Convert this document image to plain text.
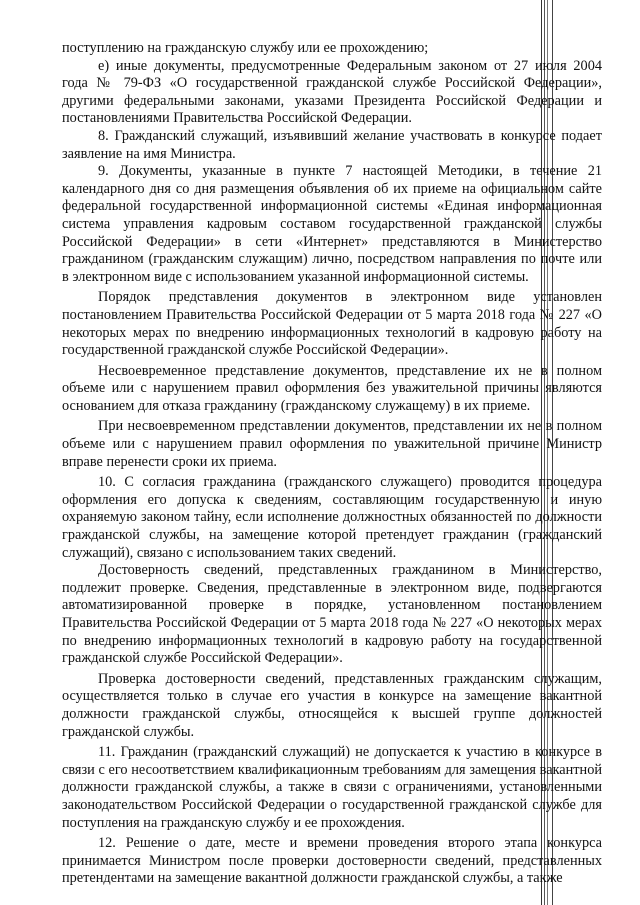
поступлению на гражданскую службу или ее прохождению;

е) иные документы, предусмотренные Федеральным законом от 27 июля 2004 года № 79-ФЗ «О государственной гражданской службе Российской Федерации», другими федеральными законами, указами Президента Российской Федерации и постановлениями Правительства Российской Федерации.

8. Гражданский служащий, изъявивший желание участвовать в конкурсе подает заявление на имя Министра.

9. Документы, указанные в пункте 7 настоящей Методики, в течение 21 календарного дня со дня размещения объявления об их приеме на официальном сайте федеральной государственной информационной системы «Единая информационная система управления кадровым составом государственной гражданской службы Российской Федерации» в сети «Интернет» представляются в Министерство гражданином (гражданским служащим) лично, посредством направления по почте или в электронном виде с использованием указанной информационной системы.

Порядок представления документов в электронном виде установлен постановлением Правительства Российской Федерации от 5 марта 2018 года № 227 «О некоторых мерах по внедрению информационных технологий в кадровую работу на государственной гражданской службе Российской Федерации».

Несвоевременное представление документов, представление их не в полном объеме или с нарушением правил оформления без уважительной причины являются основанием для отказа гражданину (гражданскому служащему) в их приеме.

При несвоевременном представлении документов, представлении их не в полном объеме или с нарушением правил оформления по уважительной причине Министр вправе перенести сроки их приема.

10. С согласия гражданина (гражданского служащего) проводится процедура оформления его допуска к сведениям, составляющим государственную и иную охраняемую законом тайну, если исполнение должностных обязанностей по должности гражданской службы, на замещение которой претендует гражданин (гражданский служащий), связано с использованием таких сведений.

Достоверность сведений, представленных гражданином в Министерство, подлежит проверке. Сведения, представленные в электронном виде, подвергаются автоматизированной проверке в порядке, установленном постановлением Правительства Российской Федерации от 5 марта 2018 года № 227 «О некоторых мерах по внедрению информационных технологий в кадровую работу на государственной гражданской службе Российской Федерации».

Проверка достоверности сведений, представленных гражданским служащим, осуществляется только в случае его участия в конкурсе на замещение вакантной должности гражданской службы, относящейся к высшей группе должностей гражданской службы.

11. Гражданин (гражданский служащий) не допускается к участию в конкурсе в связи с его несоответствием квалификационным требованиям для замещения вакантной должности гражданской службы, а также в связи с ограничениями, установленными законодательством Российской Федерации о государственной гражданской службе для поступления на гражданскую службу и ее прохождения.

12. Решение о дате, месте и времени проведения второго этапа конкурса принимается Министром после проверки достоверности сведений, представленных претендентами на замещение вакантной должности гражданской службы, а также
